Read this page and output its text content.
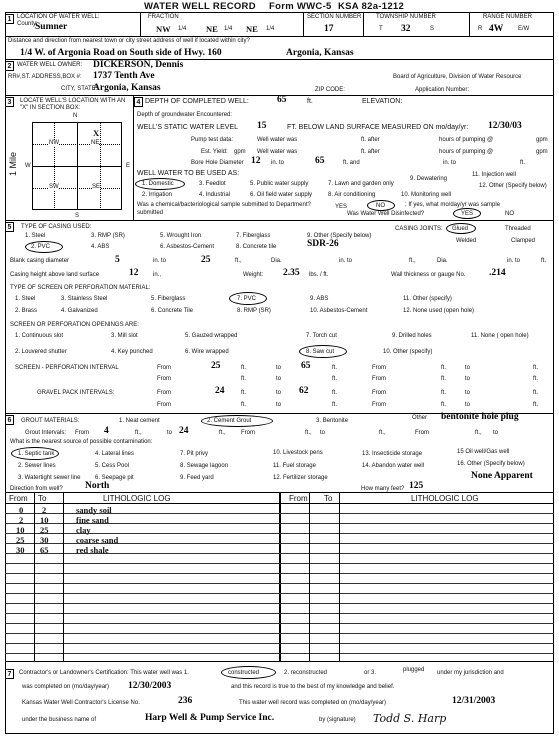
WATER WELL RECORD Form WWC-5 KSA 82a-1212
1 LOCATION OF WATER WELL:
County:
Sumner
FRACTION
NW 1/4 NE 1/4 NE 1/4
SECTION NUMBER
17
TOWNSHIP NUMBER
T 32	S
RANGE NUMBER
R 4W E/W
Distance and direction from nearest town or city street address of well if located within city?
1/4 W. of Argonia Road on South side of Hwy. 160	Argonia, Kansas
2 WATER WELL OWNER: DICKERSON, Dennis
RR#,ST. ADDRESS,BOX #: 1737 Tenth Ave	Board of Agriculture, Division of Water Resource
CITY, STATE:
Argonia, Kansas	ZIP CODE:	Application Number:
3	LOCATE WELL'S LOCATION WITH AN "X" IN SECTION BOX:
N
NW	NE
SW	SE
X
W	E
S
1 Mile
4 DEPTH OF COMPLETED WELL:	65	ft.	ELEVATION:
Depth of groundwater Encountered:
WELL'S STATIC WATER LEVEL 15	FT. BELOW LAND SURFACE MEASURED ON mo/day/yr: 12/30/03
Pump test data:	Well water was	ft. after	hours of pumping @	gpm
Est. Yield: gpm Well water was	ft. after	hours of pumping @	gpm
Bore Hole Diameter 12 in. to	65	ft. and	in. to	ft.
WELL WATER TO BE USED AS:
1. Domestic	3. Feedlot	5. Public water supply	7. Lawn and garden only
9. Dewatering
11. Injection well
2. Irrigation	4. Industrial	6. Oil field water supply	8. Air conditioning	10. Monitoring well
12. Other (Specify below)
Was a chemical/bacteriological sample submitted to Department?	YES	NO	; If yes, what mo/day/yr was sample
submitted	Was Water Well Disinfected?	YES	NO
5	TYPE OF CASING USED:
1. Steel	3. RMP (SR)	5. Wrought Iron	7. Fiberglass	9. Other (Specify below)
2. PVC	4. ABS	6. Asbestos-Cement	8. Concrete tile	SDR-26
CASING JOINTS: Glued	Threaded
Welded	Clamped
Blank casing diameter	5	in. to	25	ft.,	Dia.	in. to	ft.,	Dia.	in. to	ft.
Casing height above land surface	12 in.,	Weight: 2.35 lbs. / ft.	Wall thickness or gauge No. .214
TYPE OF SCREEN OR PERFORATION MATERIAL:
1. Steel	3. Stainless Steel	5. Fiberglass	7. PVC	9. ABS	11. Other (specify)
2. Brass	4. Galvanized	6. Concrete Tile	8. RMP (SR)	10. Asbestos-Cement	12. None used (open hole)
SCREEN OR PERFORATION OPENINGS ARE:
1. Continuous slot	3. Mill slot	5. Gauzed wrapped	7. Torch cut	9. Drilled holes	11. None ( open hole)
2. Louvered shutter	4. Key punched	6. Wire wrapped	8. Saw cut	10. Other (specify)
SCREEN - PERFORATION INTERVAL	From	25	ft.	to 65	ft.	From	ft.	to	ft.
From	ft.	to	ft.	From	ft.	to	ft.
GRAVEL PACK INTERVALS:	From	24	ft.	to 62	ft.	From	ft.	to	ft.
From	ft.	to	ft.	From	ft.	to	ft.
6	GROUT MATERIALS:	1. Neat cement	2. Cement Grout	3. Bentonite	Other bentonite hole plug
Grout Intervals: From 4	ft.,	to 24	ft.,	From	ft., to	ft.,	From	ft., to
What is the nearest source of possible contamination:
1. Septic tank	4. Lateral lines	7. Pit privy	10. Livestock pens	13. Insecticide storage	15 Oil well/Gas well
2. Sewer lines	5. Cess Pool	8. Sewage lagoon	11. Fuel storage	14. Abandon water well	16. Other (Specify below)
3. Watertight sewer line 6. Seepage pit	9. Feed yard	12. Fertilizer storage	None Apparent
Direction from well? North	How many feet? 125
From To	LITHOLOGIC LOG	From To	LITHOLOGIC LOG
0 2	sandy soil
2 10	fine sand
10 25	clay
25 30	coarse sand
30 65	red shale
7	Contractor's or Landowner's Certification: This water well was 1.	constructed	2. reconstructed	or 3.	plugged under my jurisdiction and
was completed on (mo/day/year) 12/30/2003	and this record is true to the best of my knowledge and belief.
Kansas Water Well Contractor's License No.	236	This water well record was completed on (mo/day/year)	12/31/2003
under the business name of	Harp Well & Pump Service Inc.	by (signature) Todd S. Harp
